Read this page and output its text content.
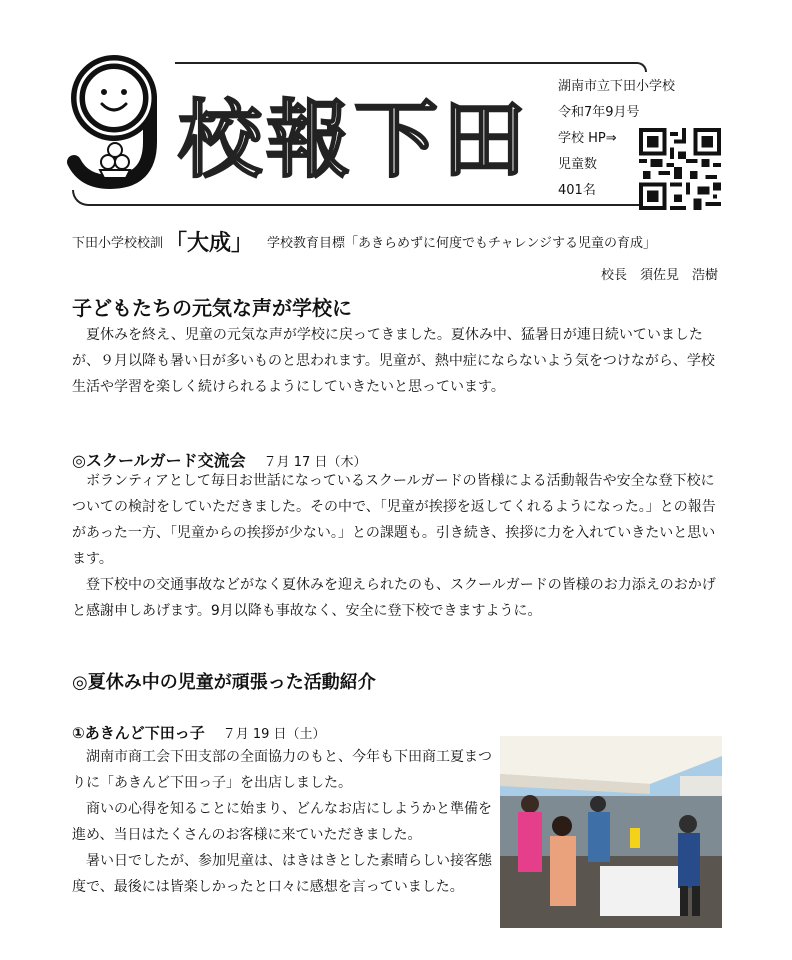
校報下田
湖南市立下田小学校
令和7年9月号
学校 HP⇒
児童数
401名
下田小学校校訓 「大成」 学校教育目標「あきらめずに何度でもチャレンジする児童の育成」
校長　須佐見　浩樹
子どもたちの元気な声が学校に

夏休みを終え、児童の元気な声が学校に戻ってきました。夏休み中、猛暑日が連日続いていましたが、９月以降も暑い日が多いものと思われます。児童が、熱中症にならないよう気をつけながら、学校生活や学習を楽しく続けられるようにしていきたいと思っています。

◎スクールガード交流会 ７月 17 日（木）

ボランティアとして毎日お世話になっているスクールガードの皆様による活動報告や安全な登下校についての検討をしていただきました。その中で、「児童が挨拶を返してくれるようになった。」との報告があった一方、「児童からの挨拶が少ない。」との課題も。引き続き、挨拶に力を入れていきたいと思います。

登下校中の交通事故などがなく夏休みを迎えられたのも、スクールガードの皆様のお力添えのおかげと感謝申しあげます。9月以降も事故なく、安全に登下校できますように。

◎夏休み中の児童が頑張った活動紹介
①あきんど下田っ子 ７月 19 日（土）

湖南市商工会下田支部の全面協力のもと、今年も下田商工夏まつりに「あきんど下田っ子」を出店しました。

商いの心得を知ることに始まり、どんなお店にしようかと準備を進め、当日はたくさんのお客様に来ていただきました。

暑い日でしたが、参加児童は、はきはきとした素晴らしい接客態度で、最後には皆楽しかったと口々に感想を言っていました。
